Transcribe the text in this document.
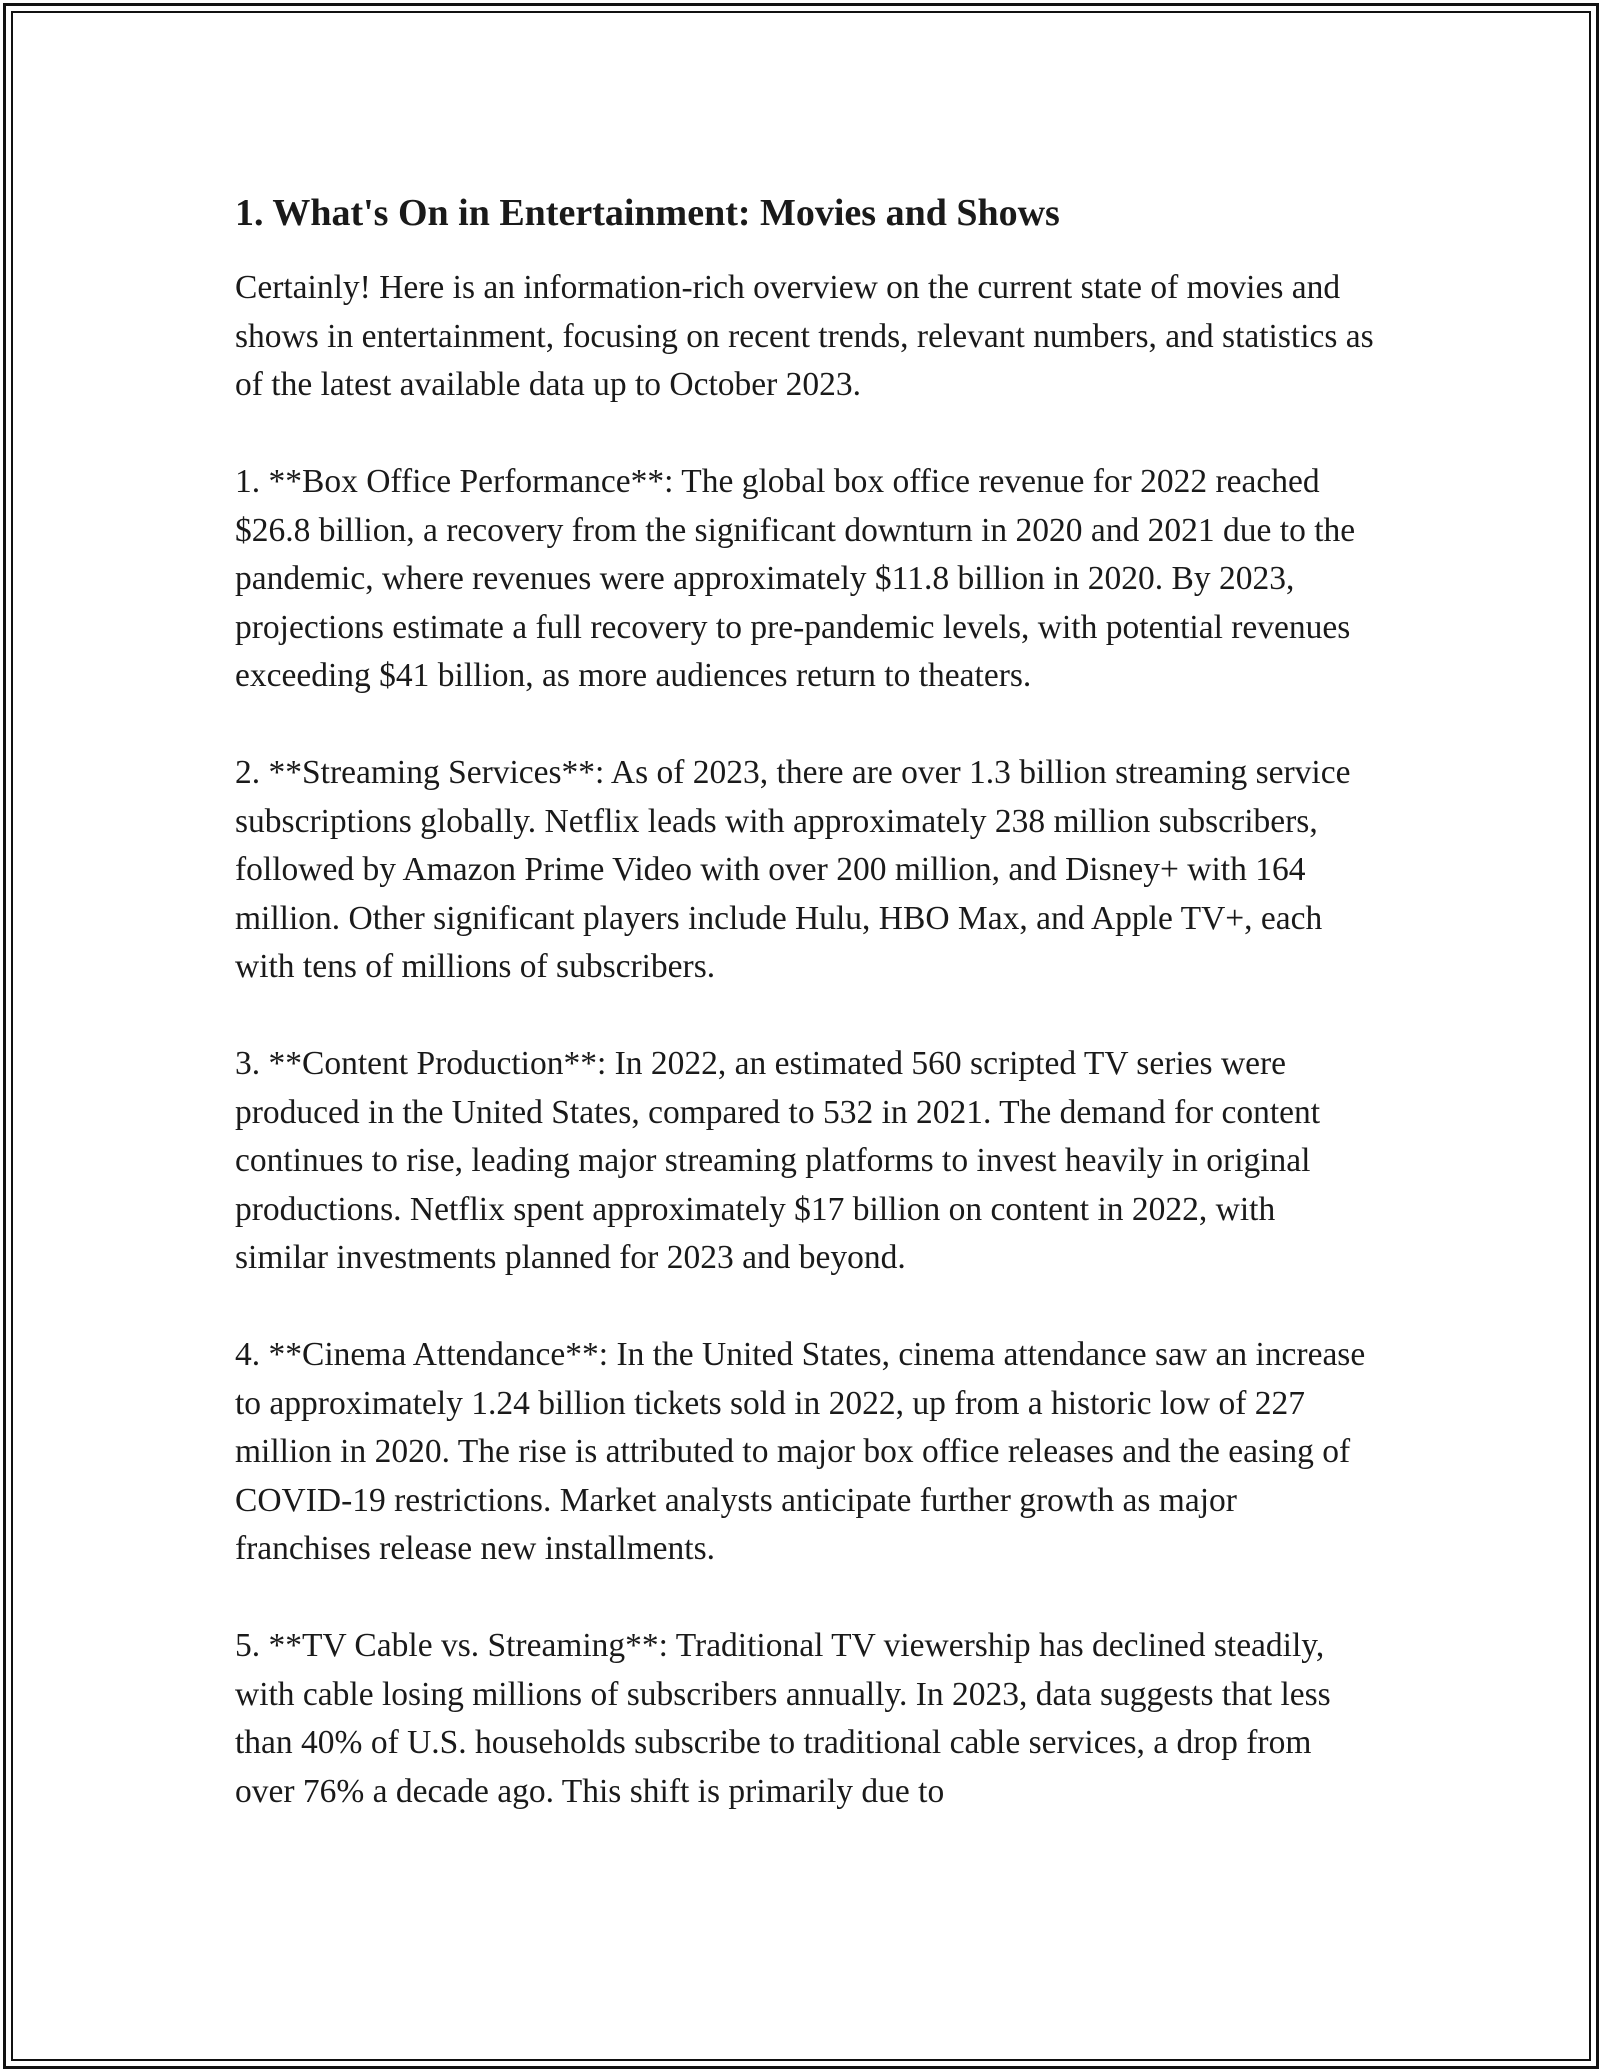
1. What's On in Entertainment: Movies and Shows

Certainly! Here is an information-rich overview on the current state of movies and shows in entertainment, focusing on recent trends, relevant numbers, and statistics as of the latest available data up to October 2023.

1. **Box Office Performance**: The global box office revenue for 2022 reached $26.8 billion, a recovery from the significant downturn in 2020 and 2021 due to the pandemic, where revenues were approximately $11.8 billion in 2020. By 2023, projections estimate a full recovery to pre-pandemic levels, with potential revenues exceeding $41 billion, as more audiences return to theaters.

2. **Streaming Services**: As of 2023, there are over 1.3 billion streaming service subscriptions globally. Netflix leads with approximately 238 million subscribers, followed by Amazon Prime Video with over 200 million, and Disney+ with 164 million. Other significant players include Hulu, HBO Max, and Apple TV+, each with tens of millions of subscribers.

3. **Content Production**: In 2022, an estimated 560 scripted TV series were produced in the United States, compared to 532 in 2021. The demand for content continues to rise, leading major streaming platforms to invest heavily in original productions. Netflix spent approximately $17 billion on content in 2022, with similar investments planned for 2023 and beyond.

4. **Cinema Attendance**: In the United States, cinema attendance saw an increase to approximately 1.24 billion tickets sold in 2022, up from a historic low of 227 million in 2020. The rise is attributed to major box office releases and the easing of COVID-19 restrictions. Market analysts anticipate further growth as major franchises release new installments.

5. **TV Cable vs. Streaming**: Traditional TV viewership has declined steadily, with cable losing millions of subscribers annually. In 2023, data suggests that less than 40% of U.S. households subscribe to traditional cable services, a drop from over 76% a decade ago. This shift is primarily due to
